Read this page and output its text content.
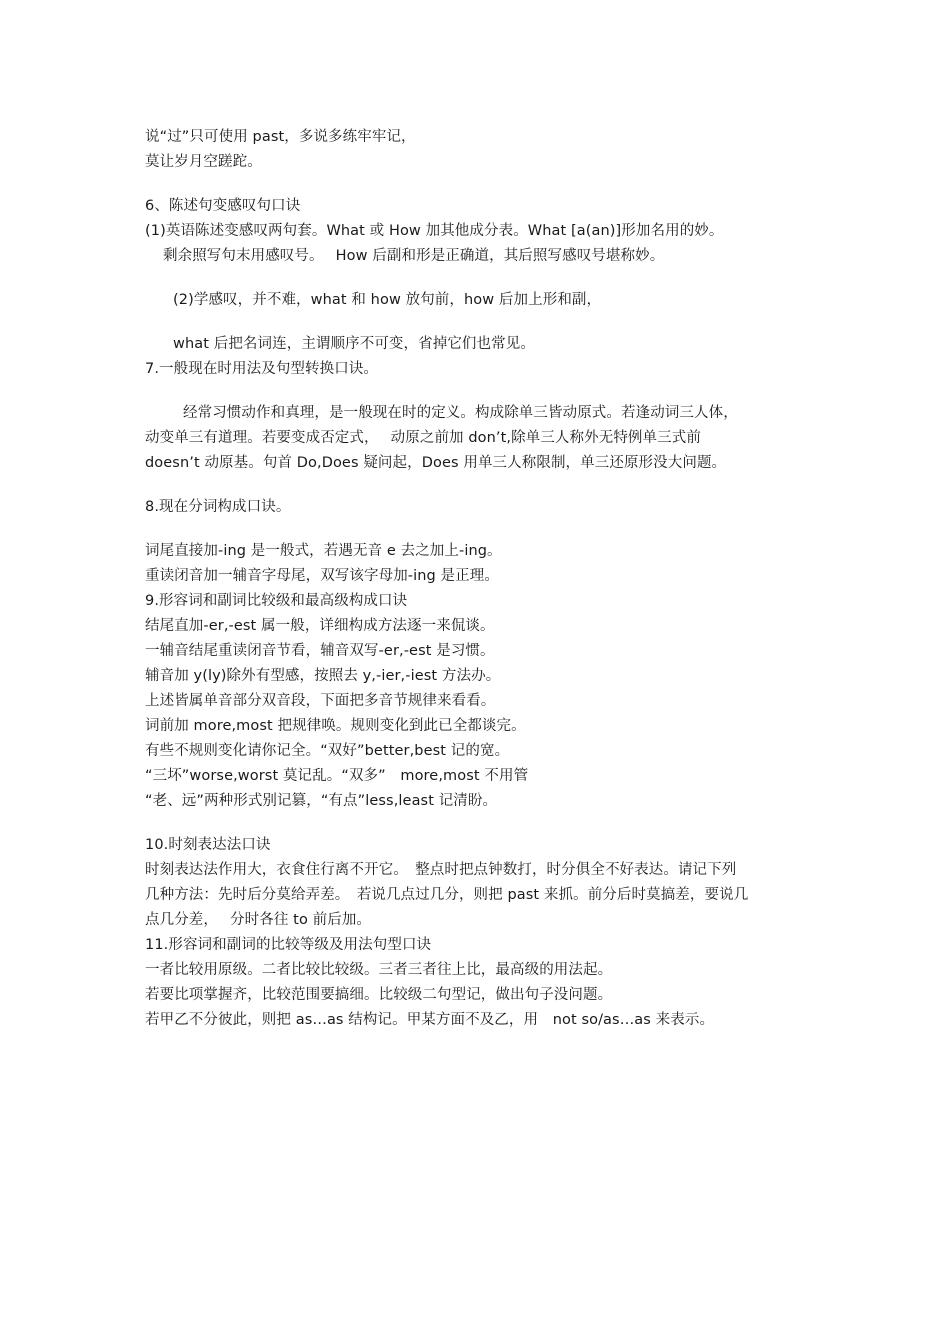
说“过”只可使用 past，多说多练牢牢记，
莫让岁月空蹉跎。
6、陈述句变感叹句口诀
(1)英语陈述变感叹两句套。What 或 How 加其他成分表。What [a(an)]形加名用的妙。
剩余照写句末用感叹号。　 How 后副和形是正确道，其后照写感叹号堪称妙。
(2)学感叹，并不难，what 和 how 放句前，how 后加上形和副，
what 后把名词连，主谓顺序不可变，省掉它们也常见。
7.一般现在时用法及句型转换口诀。
经常习惯动作和真理，是一般现在时的定义。构成除单三皆动原式。若逢动词三人体，
动变单三有道理。若要变成否定式，　 动原之前加 don’t,除单三人称外无特例单三式前
doesn’t 动原基。句首 Do,Does 疑问起，Does 用单三人称限制，单三还原形没大问题。
8.现在分词构成口诀。
词尾直接加-ing 是一般式，若遇无音 e 去之加上-ing。
重读闭音加一辅音字母尾，双写该字母加-ing 是正理。
9.形容词和副词比较级和最高级构成口诀
结尾直加-er,-est 属一般，详细构成方法逐一来侃谈。
一辅音结尾重读闭音节看，辅音双写-er,-est 是习惯。
辅音加 y(ly)除外有型感，按照去 y,-ier,-iest 方法办。
上述皆属单音部分双音段，下面把多音节规律来看看。
词前加 more,most 把规律唤。规则变化到此已全都谈完。
有些不规则变化请你记全。“双好”better,best 记的宽。
“三坏”worse,worst 莫记乱。“双多”　more,most 不用管
“老、远”两种形式别记篡，“有点”less,least 记清盼。
10.时刻表达法口诀
时刻表达法作用大，衣食住行离不开它。　整点时把点钟数打，时分俱全不好表达。请记下列
几种方法：先时后分莫给弄差。　若说几点过几分，则把 past 来抓。前分后时莫搞差，要说几
点几分差，　 分时各往 to 前后加。
11.形容词和副词的比较等级及用法句型口诀
一者比较用原级。二者比较比较级。三者三者往上比，最高级的用法起。
若要比项掌握齐，比较范围要搞细。比较级二句型记，做出句子没问题。
若甲乙不分彼此，则把 as…as 结构记。甲某方面不及乙，用　not so/as…as 来表示。
